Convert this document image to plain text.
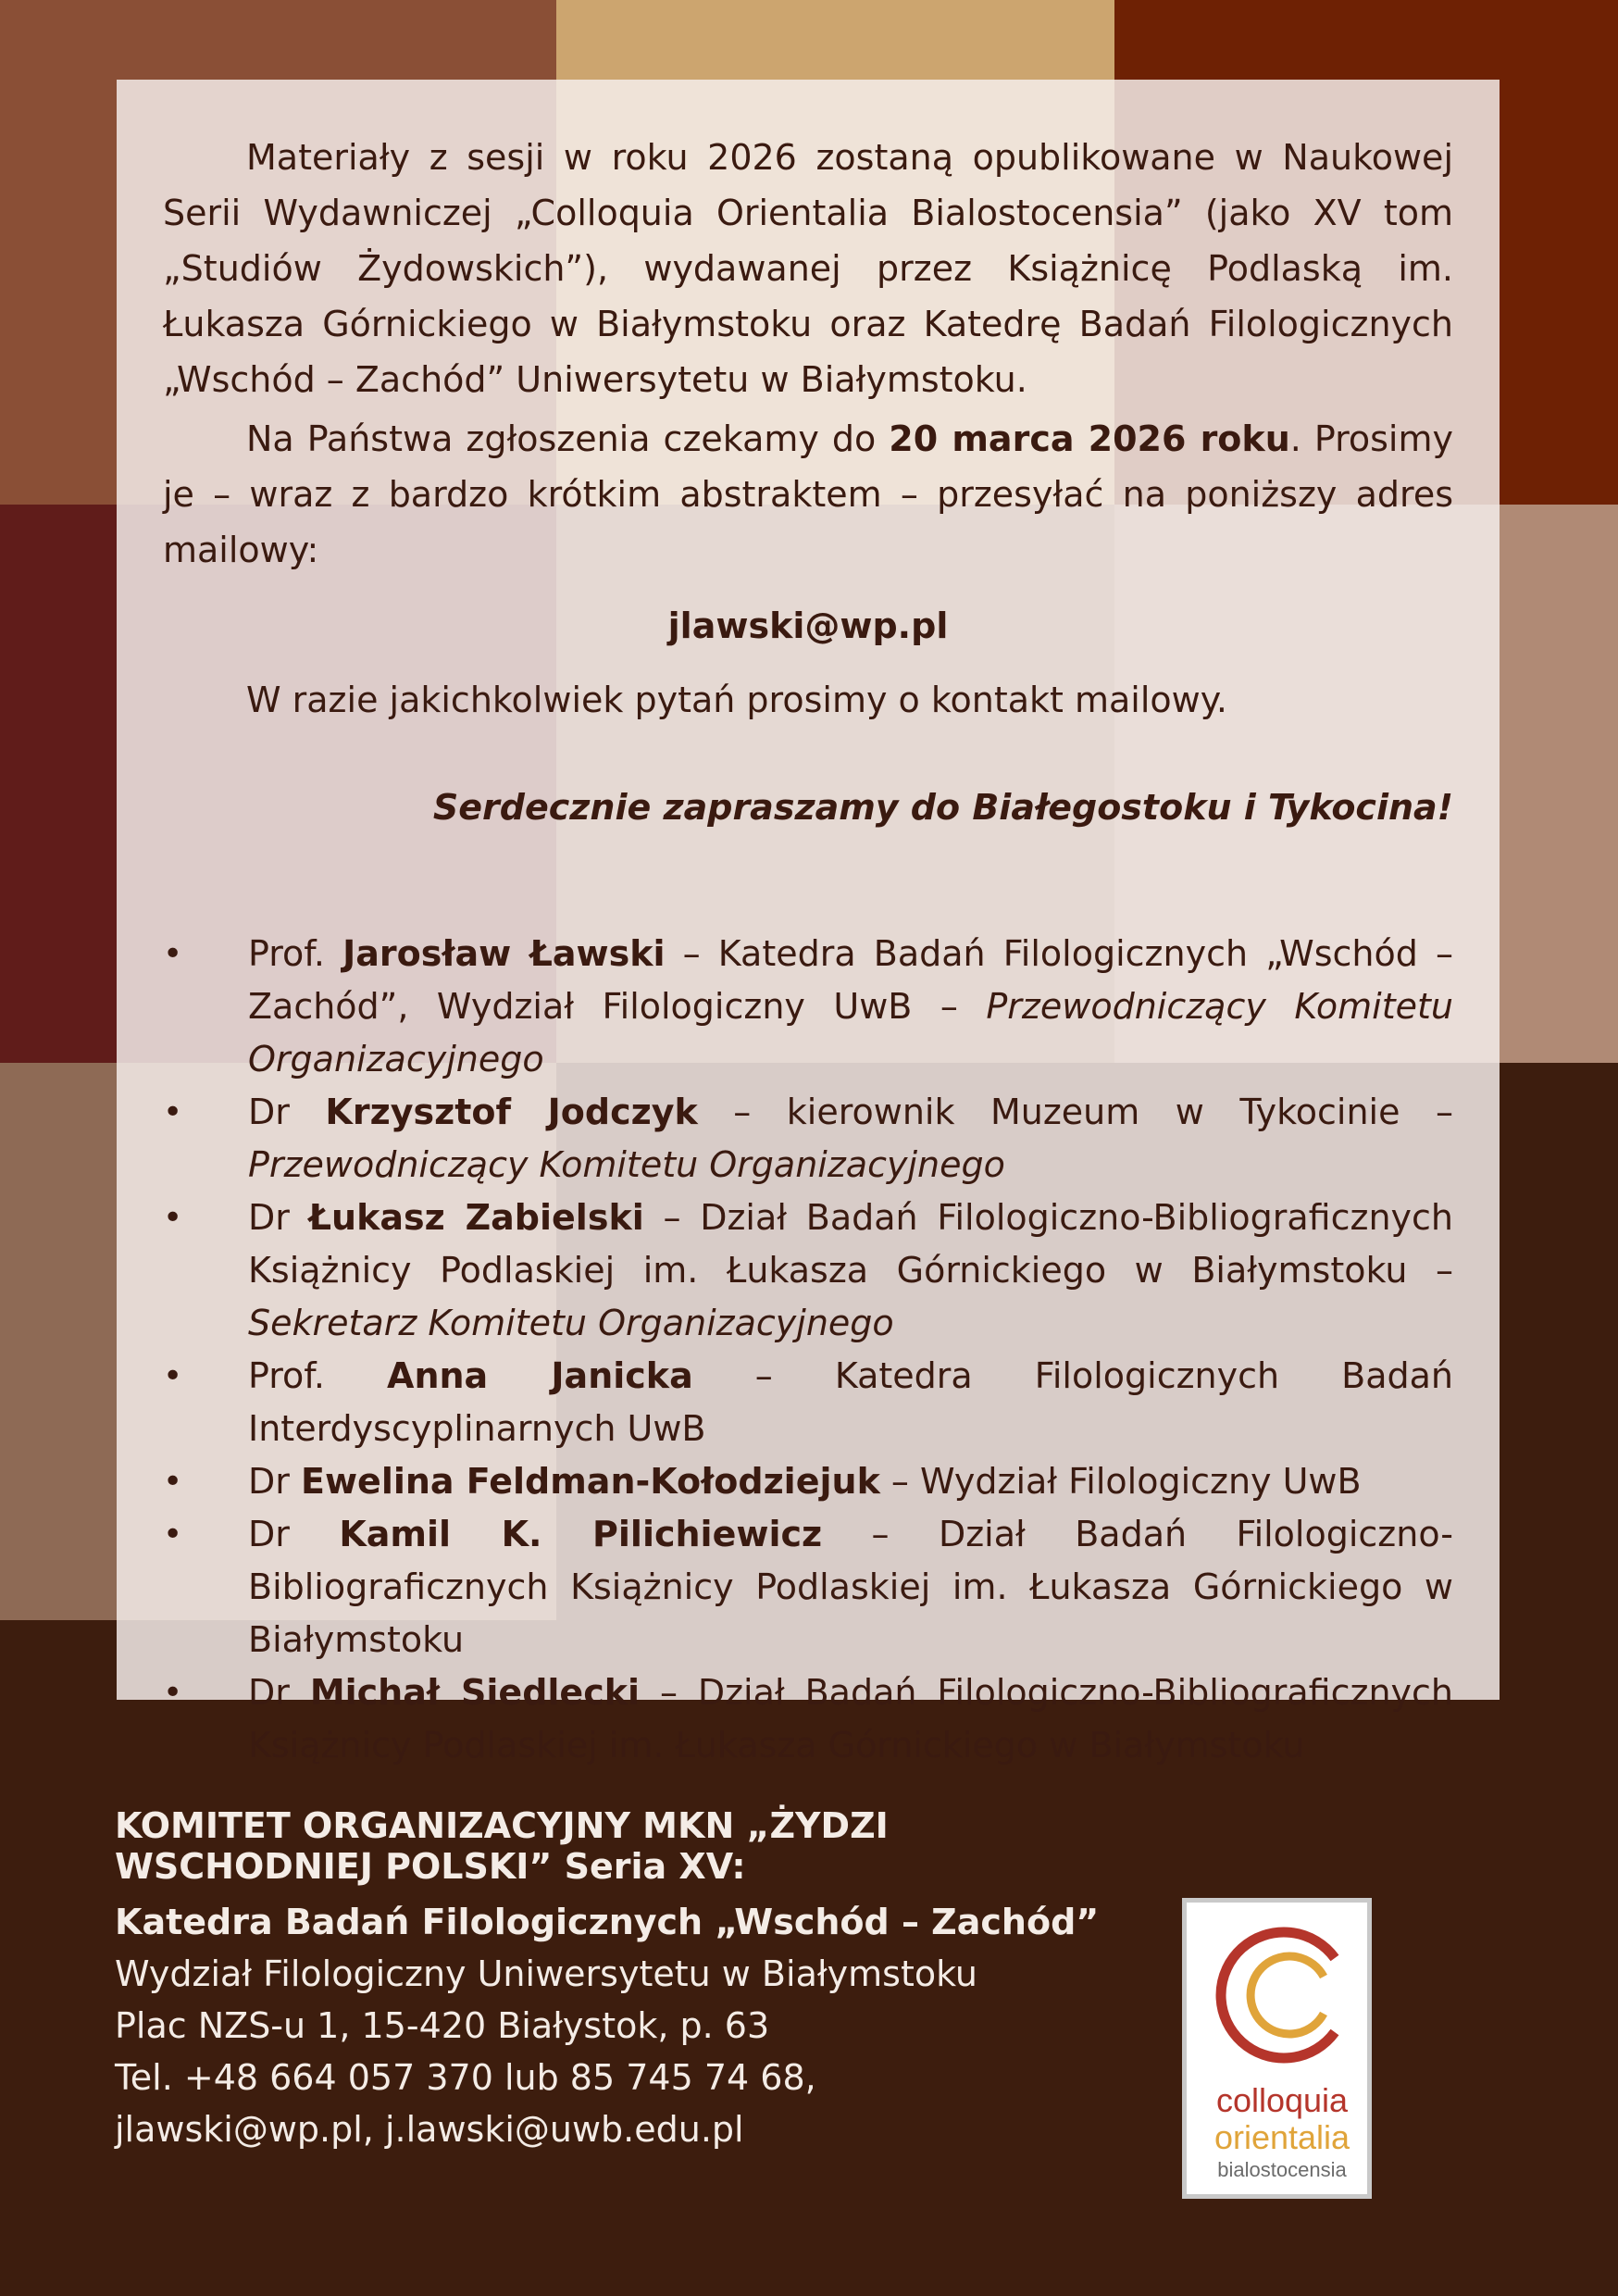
Materiały z sesji w roku 2026 zostaną opublikowane w Naukowej Serii Wydawniczej „Colloquia Orientalia Bialostocensia” (jako XV tom „Studiów Żydowskich”), wydawanej przez Książnicę Podlaską im. Łukasza Górnickiego w Białymstoku oraz Katedrę Badań Filologicznych „Wschód – Zachód” Uniwersytetu w Białymstoku.

Na Państwa zgłoszenia czekamy do 20 marca 2026 roku. Prosimy je – wraz z bardzo krótkim abstraktem – przesyłać na poniższy adres mailowy:

jlawski@wp.pl

W razie jakichkolwiek pytań prosimy o kontakt mailowy.

Serdecznie zapraszamy do Białegostoku i Tykocina!
• Prof. Jarosław Ławski – Katedra Badań Filologicznych „Wschód – Zachód”, Wydział Filologiczny UwB – Przewodniczący Komitetu Organizacyjnego
• Dr Krzysztof Jodczyk – kierownik Muzeum w Tykocinie – Przewodniczący Komitetu Organizacyjnego
• Dr Łukasz Zabielski – Dział Badań Filologiczno-Bibliograficznych Książnicy Podlaskiej im. Łukasza Górnickiego w Białymstoku – Sekretarz Komitetu Organizacyjnego
• Prof. Anna Janicka – Katedra Filologicznych Badań Interdyscyplinarnych UwB
• Dr Ewelina Feldman-Kołodziejuk – Wydział Filologiczny UwB
• Dr Kamil K. Pilichiewicz – Dział Badań Filologiczno-Bibliograficznych Książnicy Podlaskiej im. Łukasza Górnickiego w Białymstoku
• Dr Michał Siedlecki – Dział Badań Filologiczno-Bibliograficznych Książnicy Podlaskiej im. Łukasza Górnickiego w Białymstoku
KOMITET ORGANIZACYJNY MKN „ŻYDZI WSCHODNIEJ POLSKI” Seria XV:
Katedra Badań Filologicznych „Wschód – Zachód”
Wydział Filologiczny Uniwersytetu w Białymstoku
Plac NZS-u 1, 15-420 Białystok, p. 63
Tel. +48 664 057 370 lub 85 745 74 68,
jlawski@wp.pl, j.lawski@uwb.edu.pl
colloquia
orientalia
bialostocensia
